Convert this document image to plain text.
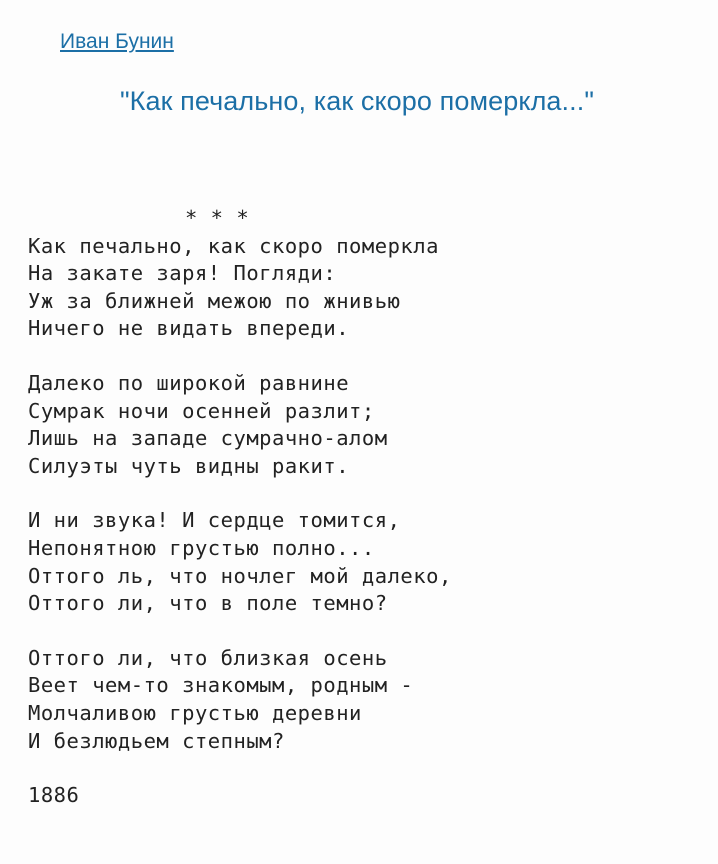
Иван Бунин
"Как печально, как скоро померкла..."
* * *
Как печально, как скоро померкла
На закате заря! Погляди:
Уж за ближней межою по жнивью
Ничего не видать впереди.
Далеко по широкой равнине
Сумрак ночи осенней разлит;
Лишь на западе сумрачно-алом
Силуэты чуть видны ракит.
И ни звука! И сердце томится,
Непонятною грустью полно...
Оттого ль, что ночлег мой далеко,
Оттого ли, что в поле темно?
Оттого ли, что близкая осень
Веет чем-то знакомым, родным -
Молчаливою грустью деревни
И безлюдьем степным?
1886
